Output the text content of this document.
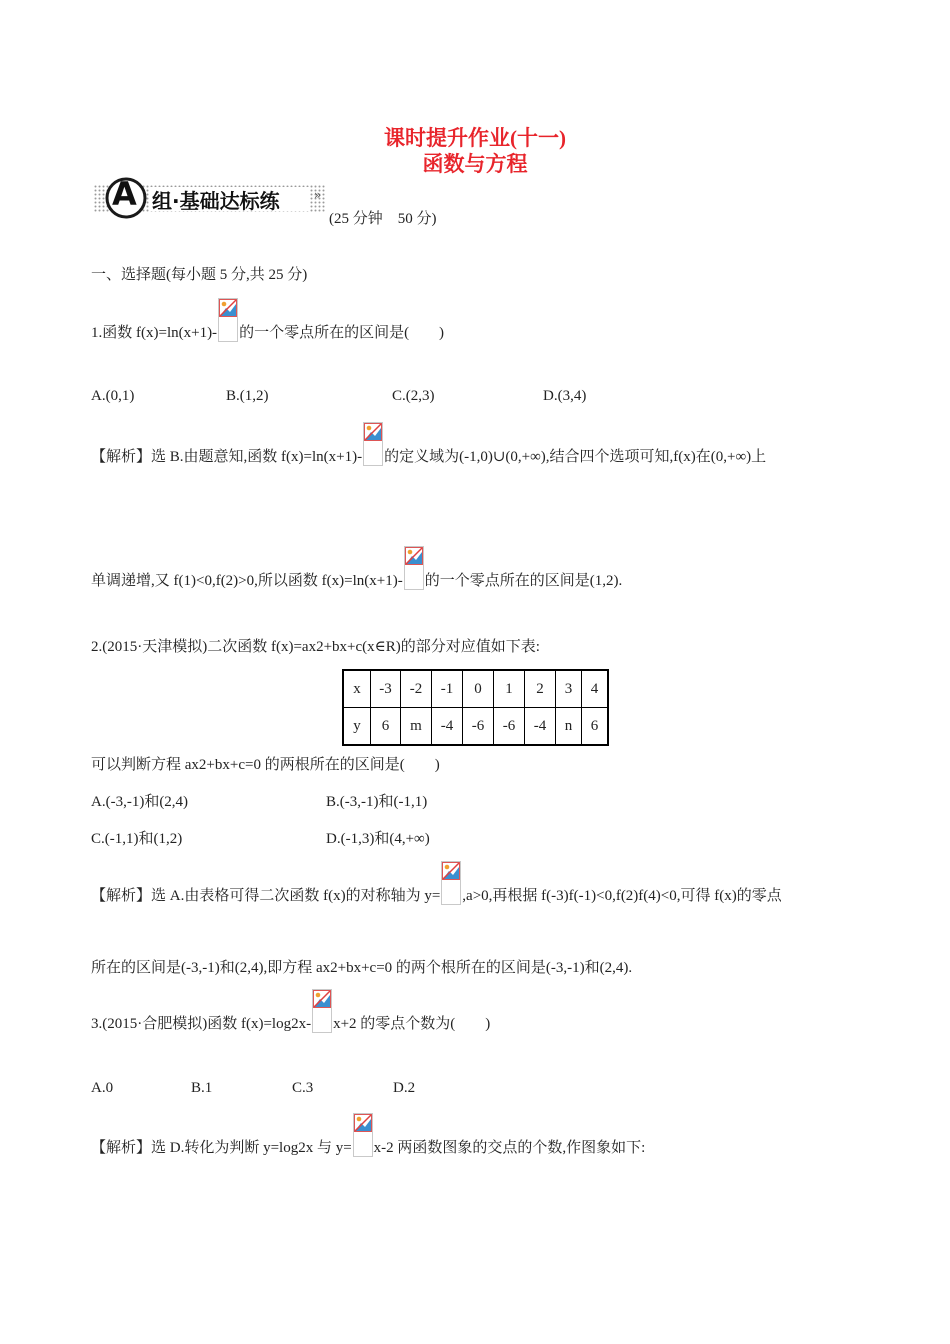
课时提升作业(十一)
函数与方程
»
A 组·基础达标练
(25 分钟　50 分)
一、选择题(每小题 5 分,共 25 分)
1.函数 f(x)=ln(x+1)- 的一个零点所在的区间是(　　)
A.(0,1)	B.(1,2)	C.(2,3)	D.(3,4)
【解析】选 B.由题意知,函数 f(x)=ln(x+1)- 的定义域为(-1,0)∪(0,+∞),结合四个选项可知,f(x)在(0,+∞)上
单调递增,又 f(1)<0,f(2)>0,所以函数 f(x)=ln(x+1)- 的一个零点所在的区间是(1,2).
2.(2015·天津模拟)二次函数 f(x)=ax2+bx+c(x∈R)的部分对应值如下表:
x	-3	-2	-1	0	1	2	3	4
y	6	m	-4	-6	-6	-4	n	6
可以判断方程 ax2+bx+c=0 的两根所在的区间是(　　)
A.(-3,-1)和(2,4)	B.(-3,-1)和(-1,1)
C.(-1,1)和(1,2)	D.(-1,3)和(4,+∞)
【解析】选 A.由表格可得二次函数 f(x)的对称轴为 y= ,a>0,再根据 f(-3)f(-1)<0,f(2)f(4)<0,可得 f(x)的零点
所在的区间是(-3,-1)和(2,4),即方程 ax2+bx+c=0 的两个根所在的区间是(-3,-1)和(2,4).
3.(2015·合肥模拟)函数 f(x)=log2x- x+2 的零点个数为(　　)
A.0	B.1	C.3	D.2
【解析】选 D.转化为判断 y=log2x 与 y= x-2 两函数图象的交点的个数,作图象如下:
